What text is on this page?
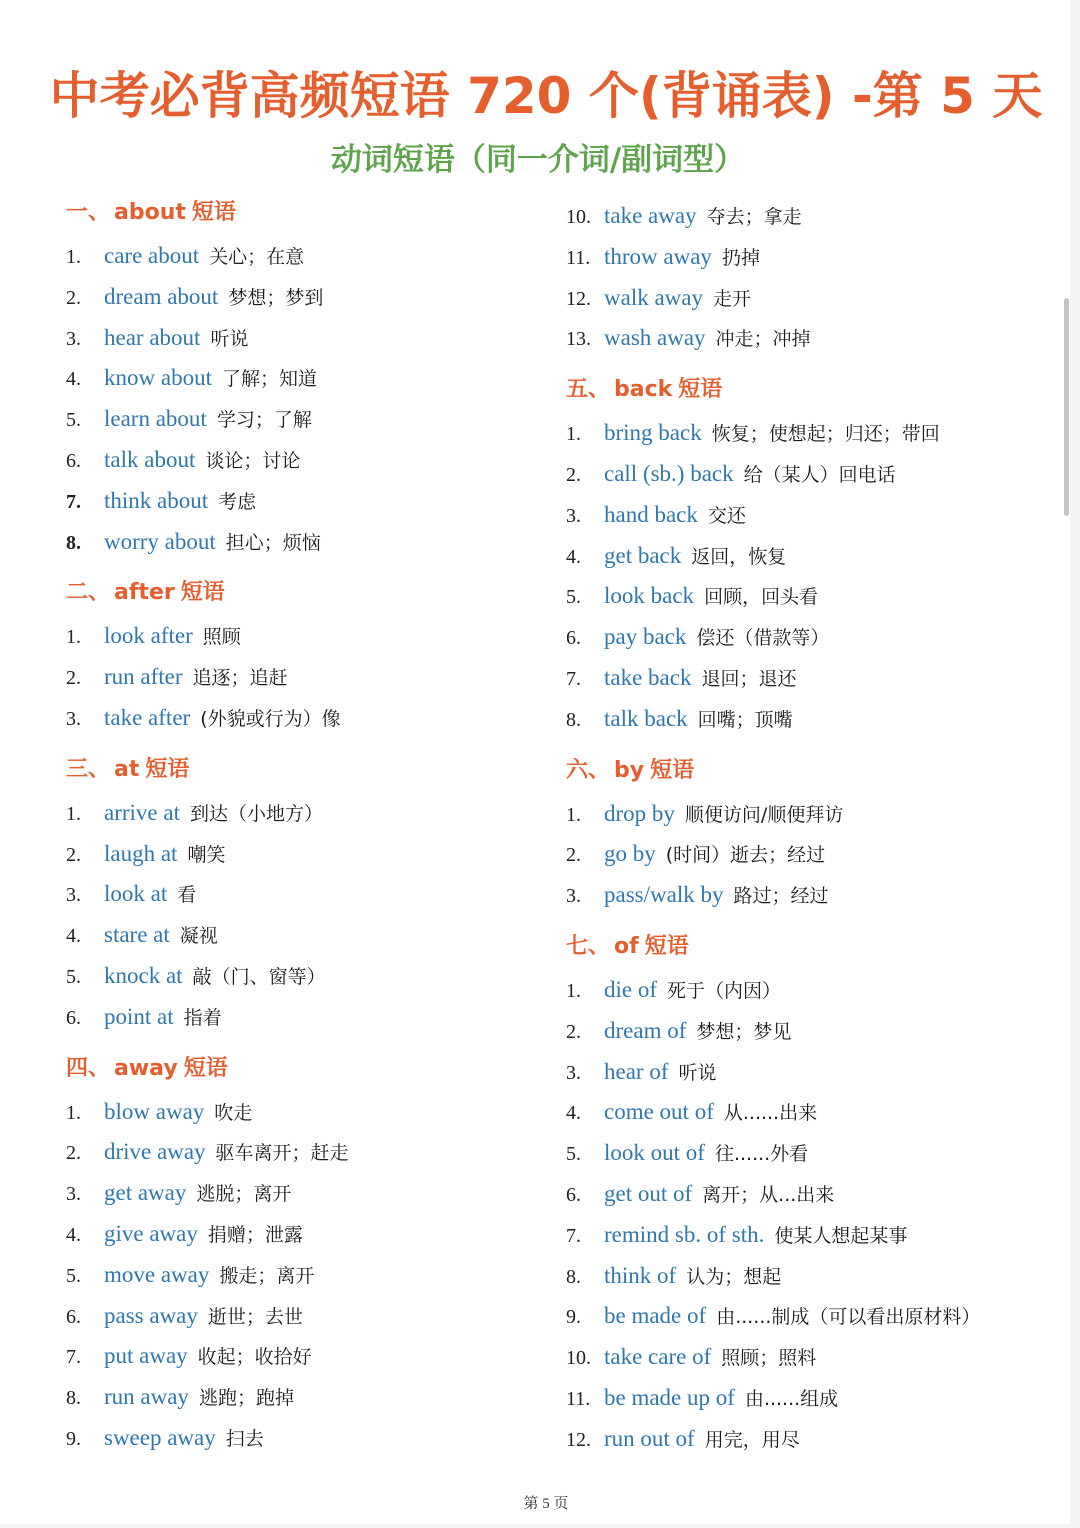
中考必背高频短语 720 个(背诵表) -第 5 天
动词短语（同一介词/副词型）
一、 about 短语
1. care about 关心；在意
2. dream about 梦想；梦到
3. hear about 听说
4. know about 了解；知道
5. learn about 学习；了解
6. talk about 谈论；讨论
7. think about 考虑
8. worry about 担心；烦恼
二、 after 短语
1. look after 照顾
2. run after 追逐；追赶
3. take after (外貌或行为）像
三、 at 短语
1. arrive at 到达（小地方）
2. laugh at 嘲笑
3. look at 看
4. stare at 凝视
5. knock at 敲（门、窗等）
6. point at 指着
四、 away 短语
1. blow away 吹走
2. drive away 驱车离开；赶走
3. get away 逃脱；离开
4. give away 捐赠；泄露
5. move away 搬走；离开
6. pass away 逝世；去世
7. put away 收起；收拾好
8. run away 逃跑；跑掉
9. sweep away 扫去
10. take away 夺去；拿走
11. throw away 扔掉
12. walk away 走开
13. wash away 冲走；冲掉
五、 back 短语
1. bring back 恢复；使想起；归还；带回
2. call (sb.) back 给（某人）回电话
3. hand back 交还
4. get back 返回，恢复
5. look back 回顾，回头看
6. pay back 偿还（借款等）
7. take back 退回；退还
8. talk back 回嘴；顶嘴
六、 by 短语
1. drop by 顺便访问/顺便拜访
2. go by (时间）逝去；经过
3. pass/walk by 路过；经过
七、 of 短语
1. die of 死于（内因）
2. dream of 梦想；梦见
3. hear of 听说
4. come out of 从......出来
5. look out of 往......外看
6. get out of 离开；从...出来
7. remind sb. of sth. 使某人想起某事
8. think of 认为；想起
9. be made of 由......制成（可以看出原材料）
10. take care of 照顾；照料
11. be made up of 由......组成
12. run out of 用完，用尽
第 5 页
